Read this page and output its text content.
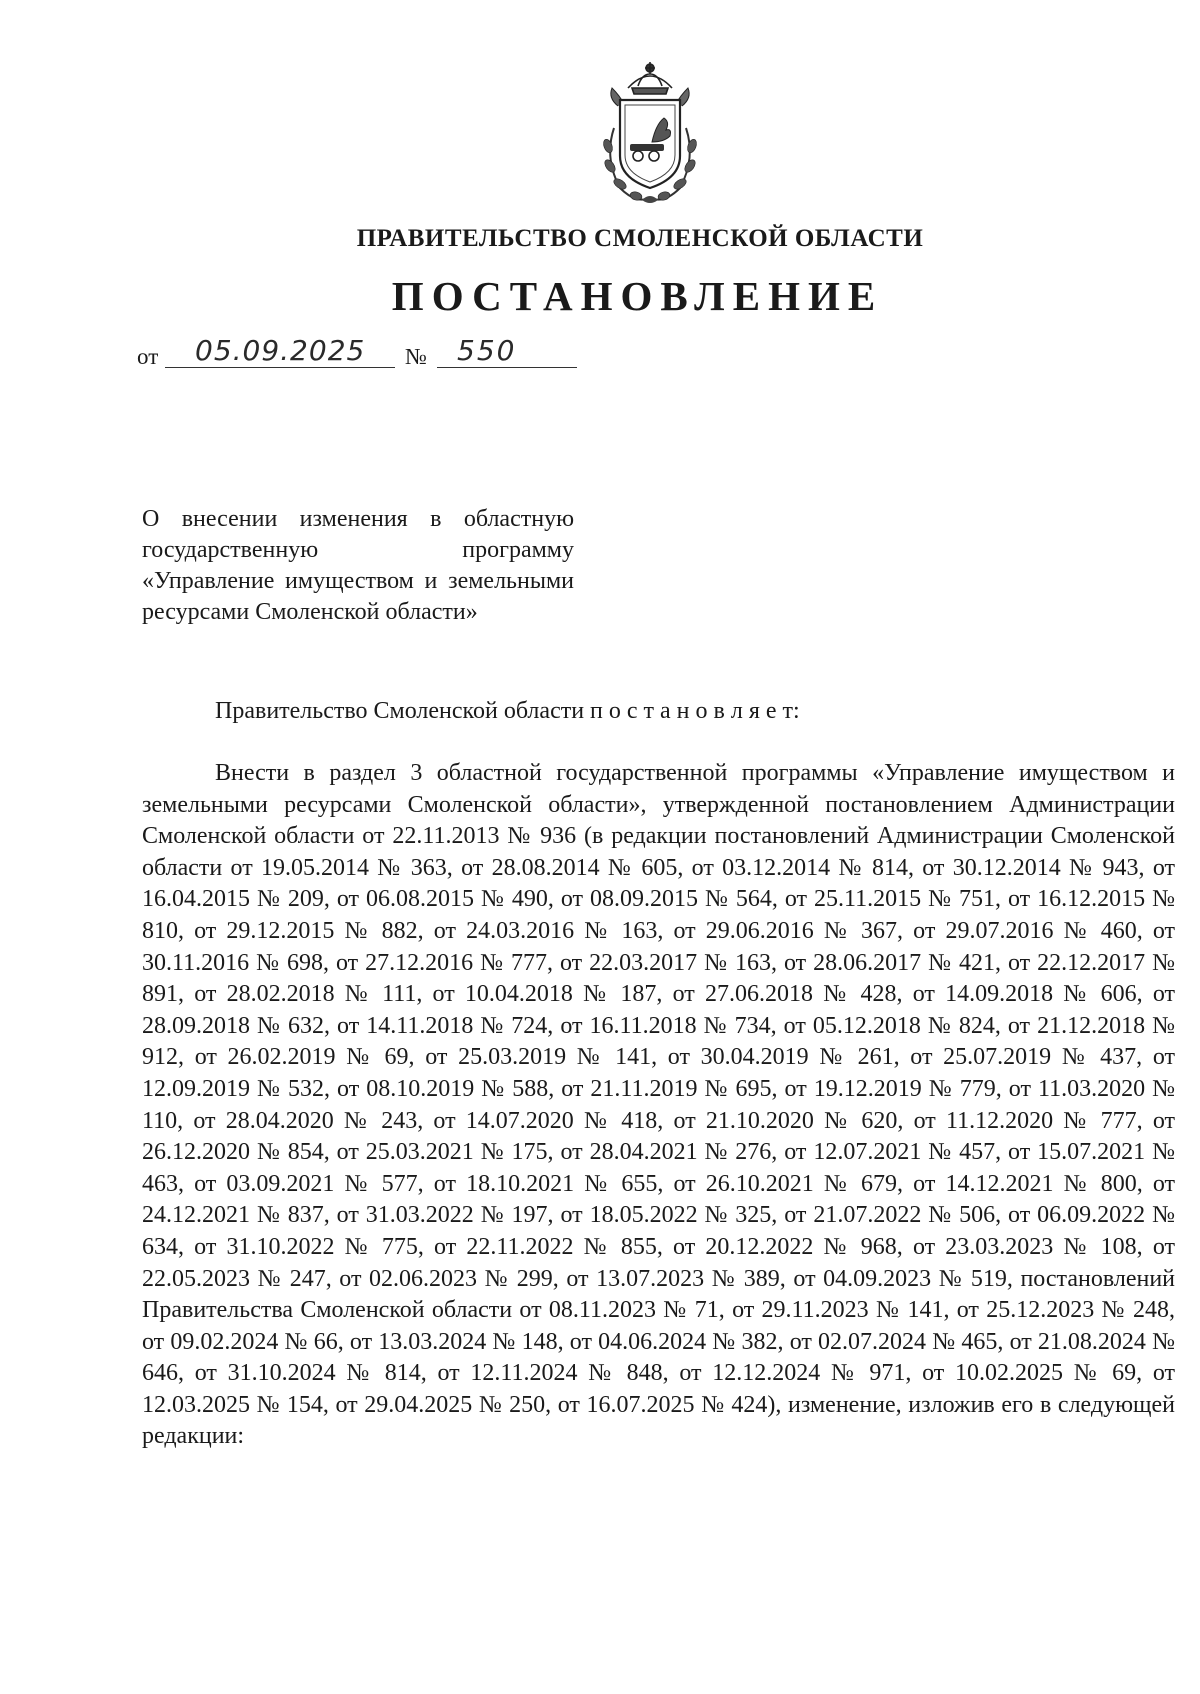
ПРАВИТЕЛЬСТВО СМОЛЕНСКОЙ ОБЛАСТИ
ПОСТАНОВЛЕНИЕ
от	05.09.2025	№	550
О внесении изменения в областную государственную программу «Управление имуществом и земельными ресурсами Смоленской области»
Правительство Смоленской области п о с т а н о в л я е т:
Внести в раздел 3 областной государственной программы «Управление имуществом и земельными ресурсами Смоленской области», утвержденной постановлением Администрации Смоленской области от 22.11.2013 № 936 (в редакции постановлений Администрации Смоленской области от 19.05.2014 № 363, от 28.08.2014 № 605, от 03.12.2014 № 814, от 30.12.2014 № 943, от 16.04.2015 № 209, от 06.08.2015 № 490, от 08.09.2015 № 564, от 25.11.2015 № 751, от 16.12.2015 № 810, от 29.12.2015 № 882, от 24.03.2016 № 163, от 29.06.2016 № 367, от 29.07.2016 № 460, от 30.11.2016 № 698, от 27.12.2016 № 777, от 22.03.2017 № 163, от 28.06.2017 № 421, от 22.12.2017 № 891, от 28.02.2018 № 111, от 10.04.2018 № 187, от 27.06.2018 № 428, от 14.09.2018 № 606, от 28.09.2018 № 632, от 14.11.2018 № 724, от 16.11.2018 № 734, от 05.12.2018 № 824, от 21.12.2018 № 912, от 26.02.2019 № 69, от 25.03.2019 № 141, от 30.04.2019 № 261, от 25.07.2019 № 437, от 12.09.2019 № 532, от 08.10.2019 № 588, от 21.11.2019 № 695, от 19.12.2019 № 779, от 11.03.2020 № 110, от 28.04.2020 № 243, от 14.07.2020 № 418, от 21.10.2020 № 620, от 11.12.2020 № 777, от 26.12.2020 № 854, от 25.03.2021 № 175, от 28.04.2021 № 276, от 12.07.2021 № 457, от 15.07.2021 № 463, от 03.09.2021 № 577, от 18.10.2021 № 655, от 26.10.2021 № 679, от 14.12.2021 № 800, от 24.12.2021 № 837, от 31.03.2022 № 197, от 18.05.2022 № 325, от 21.07.2022 № 506, от 06.09.2022 № 634, от 31.10.2022 № 775, от 22.11.2022 № 855, от 20.12.2022 № 968, от 23.03.2023 № 108, от 22.05.2023 № 247, от 02.06.2023 № 299, от 13.07.2023 № 389, от 04.09.2023 № 519, постановлений Правительства Смоленской области от 08.11.2023 № 71, от 29.11.2023 № 141, от 25.12.2023 № 248, от 09.02.2024 № 66, от 13.03.2024 № 148, от 04.06.2024 № 382, от 02.07.2024 № 465, от 21.08.2024 № 646, от 31.10.2024 № 814, от 12.11.2024 № 848, от 12.12.2024 № 971, от 10.02.2025 № 69, от 12.03.2025 № 154, от 29.04.2025 № 250, от 16.07.2025 № 424), изменение, изложив его в следующей редакции:
